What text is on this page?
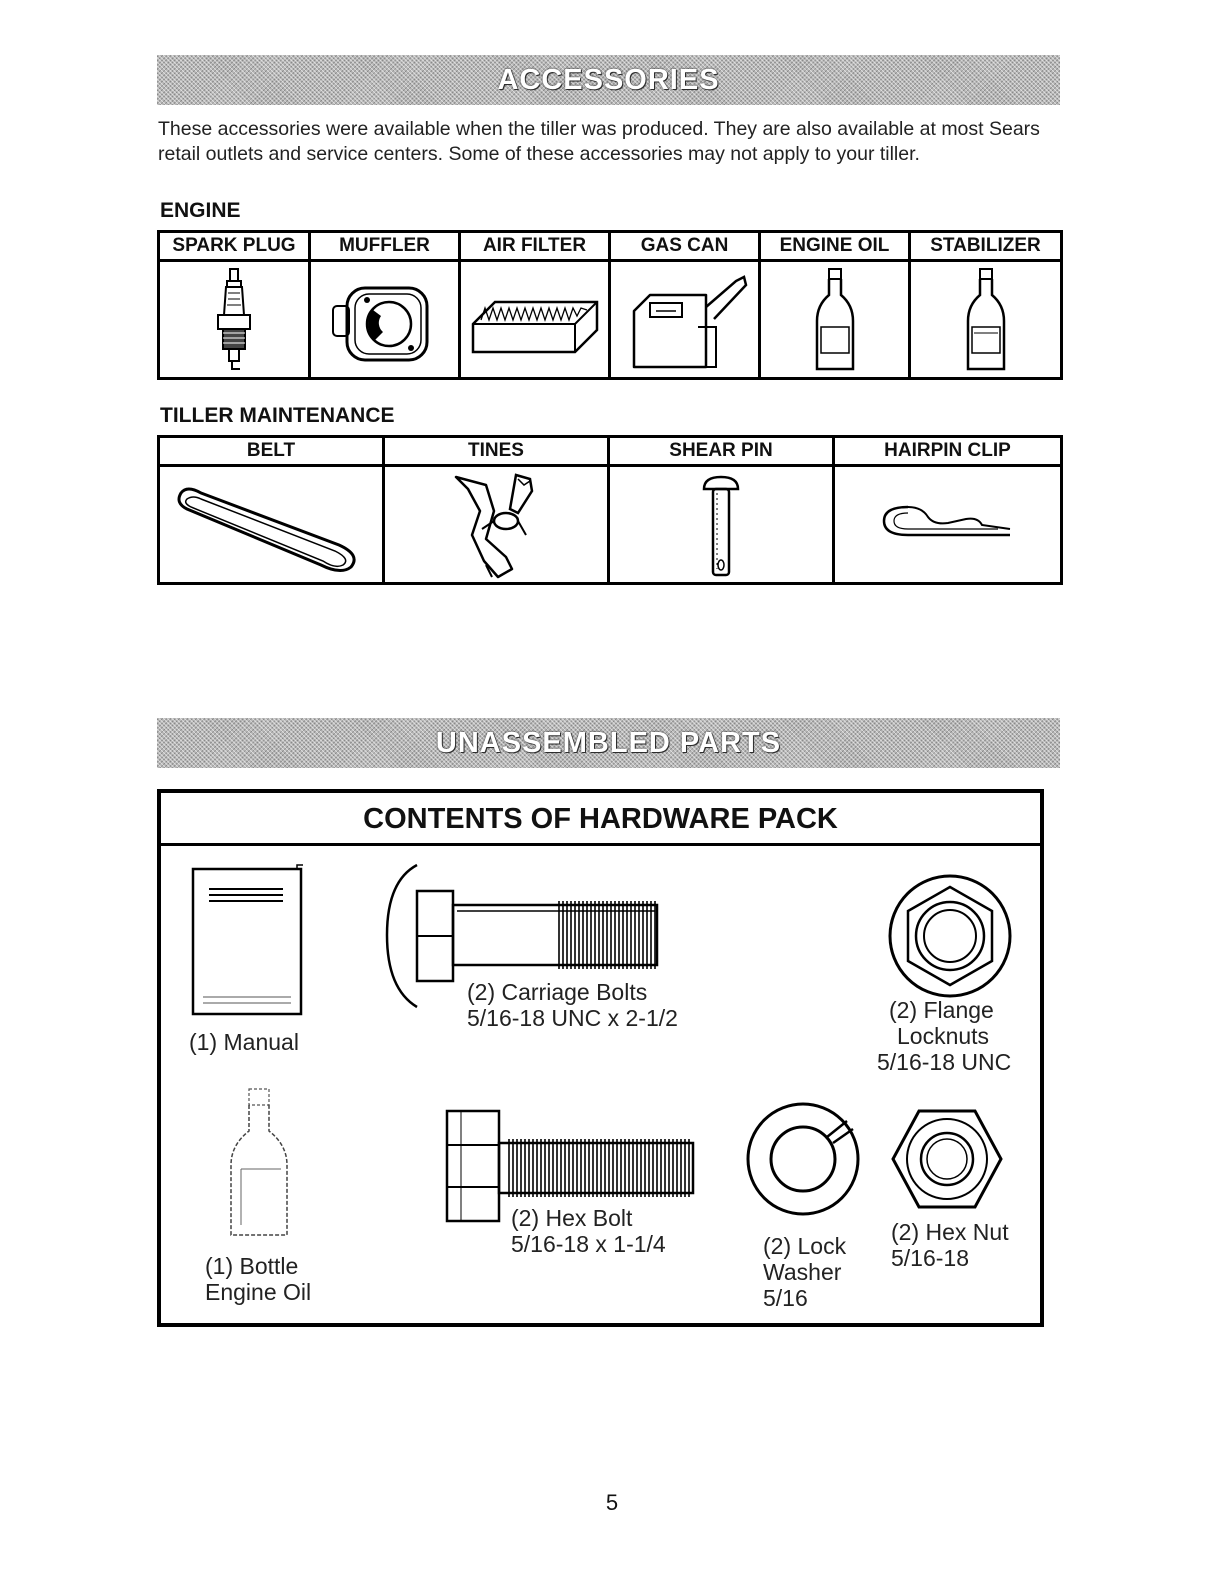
ACCESSORIES
These accessories were available when the tiller was produced. They are also available at most Sears retail outlets and service centers. Some of these accessories may not apply to your tiller.
ENGINE
SPARK PLUG	MUFFLER	AIR FILTER	GAS CAN	ENGINE OIL	STABILIZER

TILLER MAINTENANCE
BELT	TINES	SHEAR PIN	HAIRPIN CLIP

UNASSEMBLED PARTS
CONTENTS OF HARDWARE PACK
(1) Manual
(2) Carriage Bolts
5/16-18 UNC x 2-1/2	(2) Flange
Locknuts
5/16-18 UNC
(1) Bottle
Engine Oil
(2) Hex Bolt
5/16-18 x 1-1/4	(2) Lock
Washer
5/16
(2) Hex Nut
5/16-18
5
